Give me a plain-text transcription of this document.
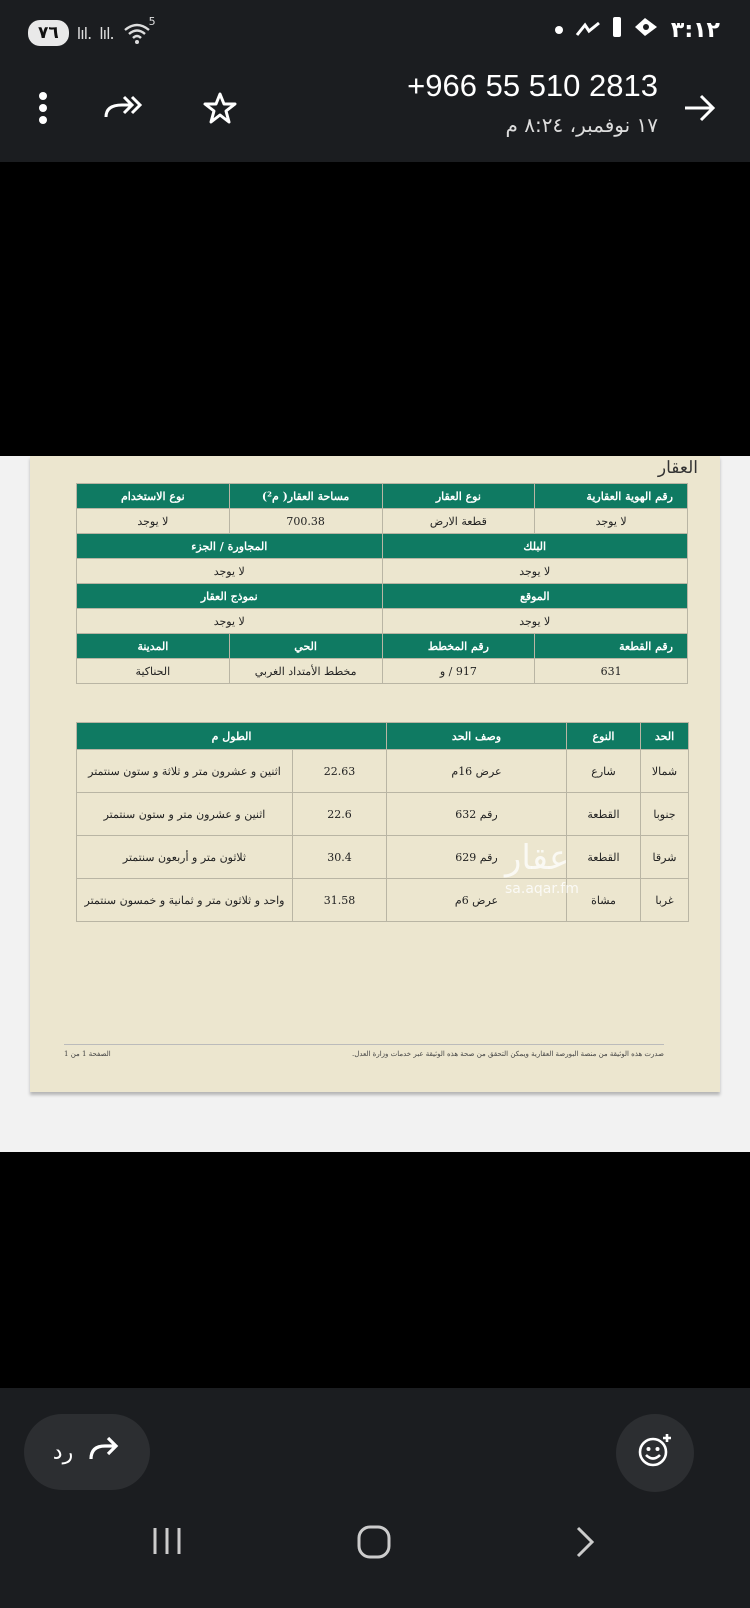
٧٦	lıl. lıl.
5	٣:١٢
+966 55 510 2813
١٧ نوفمبر، ٨:٢٤ م
العقار
رقم الهوية العقارية	نوع العقار	مساحة العقار( م²)	نوع الاستخدام
لا يوجد	قطعة الارض	700.38	لا يوجد
البلك		المجاورة / الجزء	
لا يوجد		لا يوجد	
الموقع		نموذج العقار	
لا يوجد		لا يوجد	
رقم القطعة	رقم المخطط	الحي	المدينة
631	917 / و	مخطط الأمتداد الغربي	الحناكية
الحد	النوع	وصف الحد	الطول م	
شمالا	شارع	عرض 16م	22.63	اثنين و عشرون متر و ثلاثة و ستون سنتمتر
جنوبا	القطعة	رقم 632	22.6	اثنين و عشرون متر و ستون سنتمتر
شرقا	القطعة	رقم 629	30.4	ثلاثون متر و أربعون سنتمتر
غربا	مشاة	عرض 6م	31.58	واحد و ثلاثون متر و ثمانية و خمسون سنتمتر
عقار
sa.aqar.fm
الصفحة 1 من 1	صدرت هذه الوثيقة من منصة البورصة العقارية ويمكن التحقق من صحة هذه الوثيقة عبر خدمات وزارة العدل.
رد
